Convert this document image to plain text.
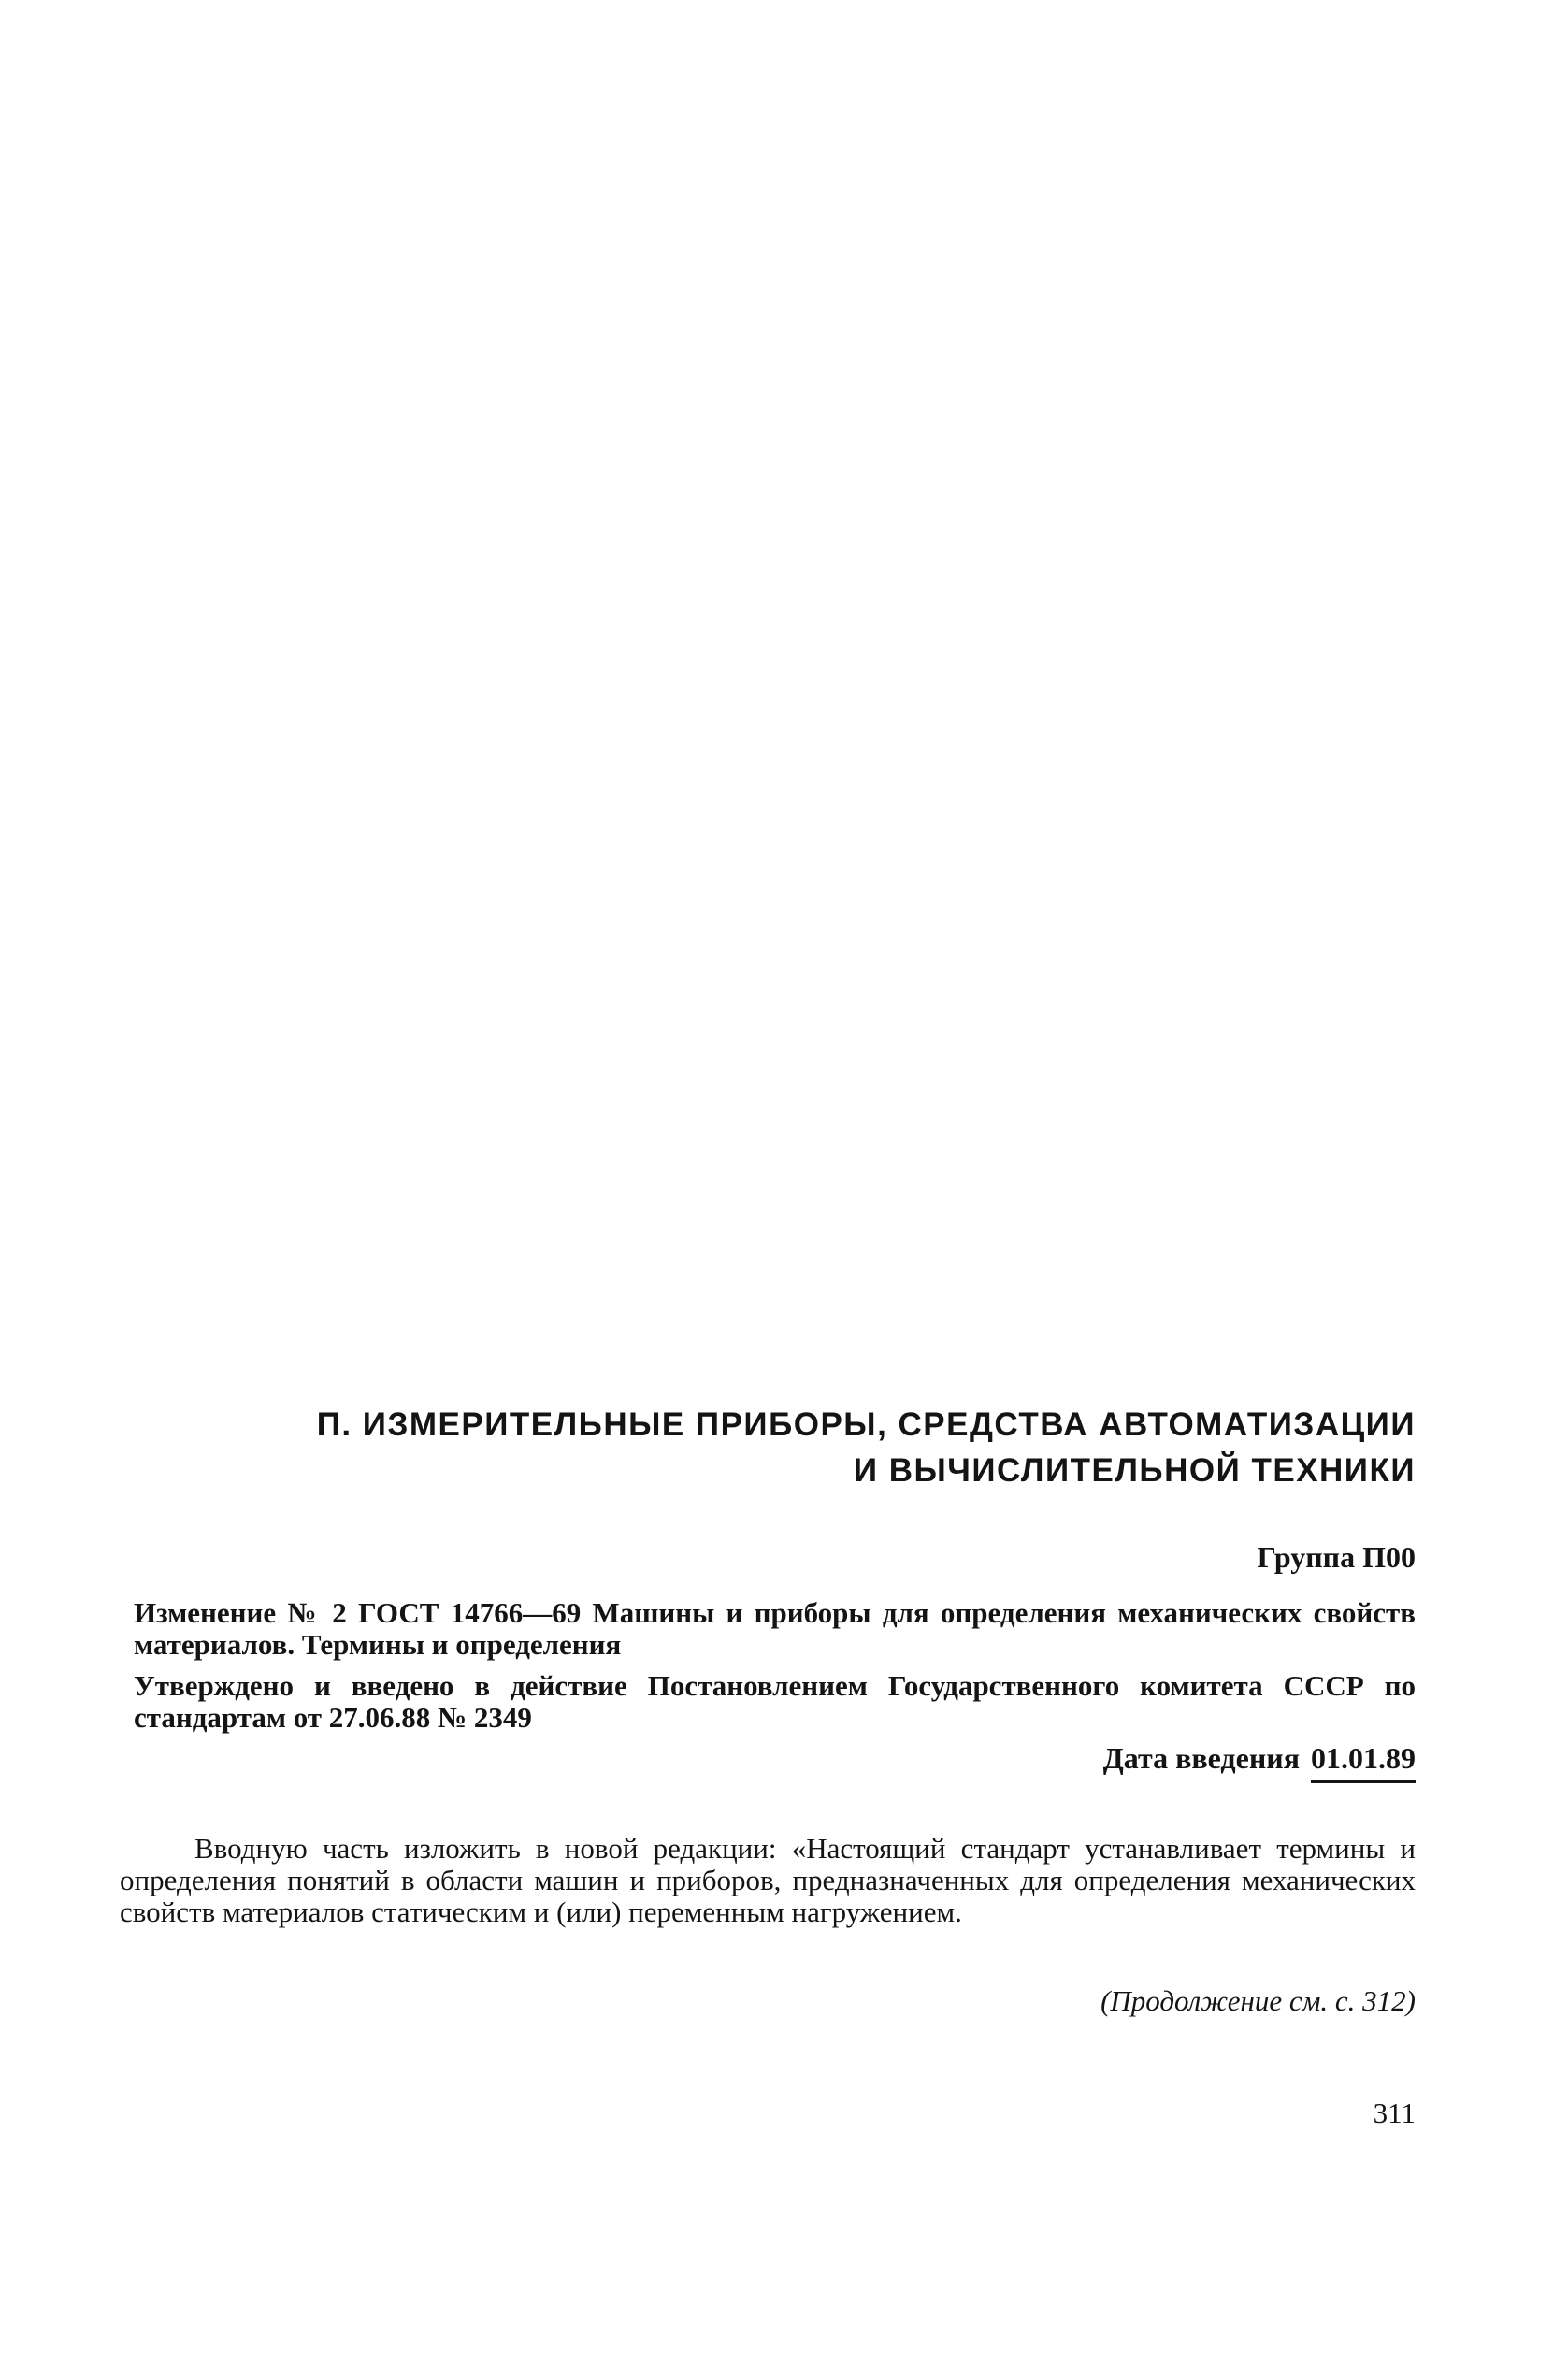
П. ИЗМЕРИТЕЛЬНЫЕ ПРИБОРЫ, СРЕДСТВА АВТОМАТИЗАЦИИ
И ВЫЧИСЛИТЕЛЬНОЙ ТЕХНИКИ
Группа П00
Изменение № 2 ГОСТ 14766—69 Машины и приборы для определения механических свойств материалов. Термины и определения
Утверждено и введено в действие Постановлением Государственного комитета СССР по стандартам от 27.06.88 № 2349
Дата введения 01.01.89
Вводную часть изложить в новой редакции: «Настоящий стандарт устанавливает термины и определения понятий в области машин и приборов, предназначенных для определения механических свойств материалов статическим и (или) переменным нагружением.
(Продолжение см. с. 312)
311
